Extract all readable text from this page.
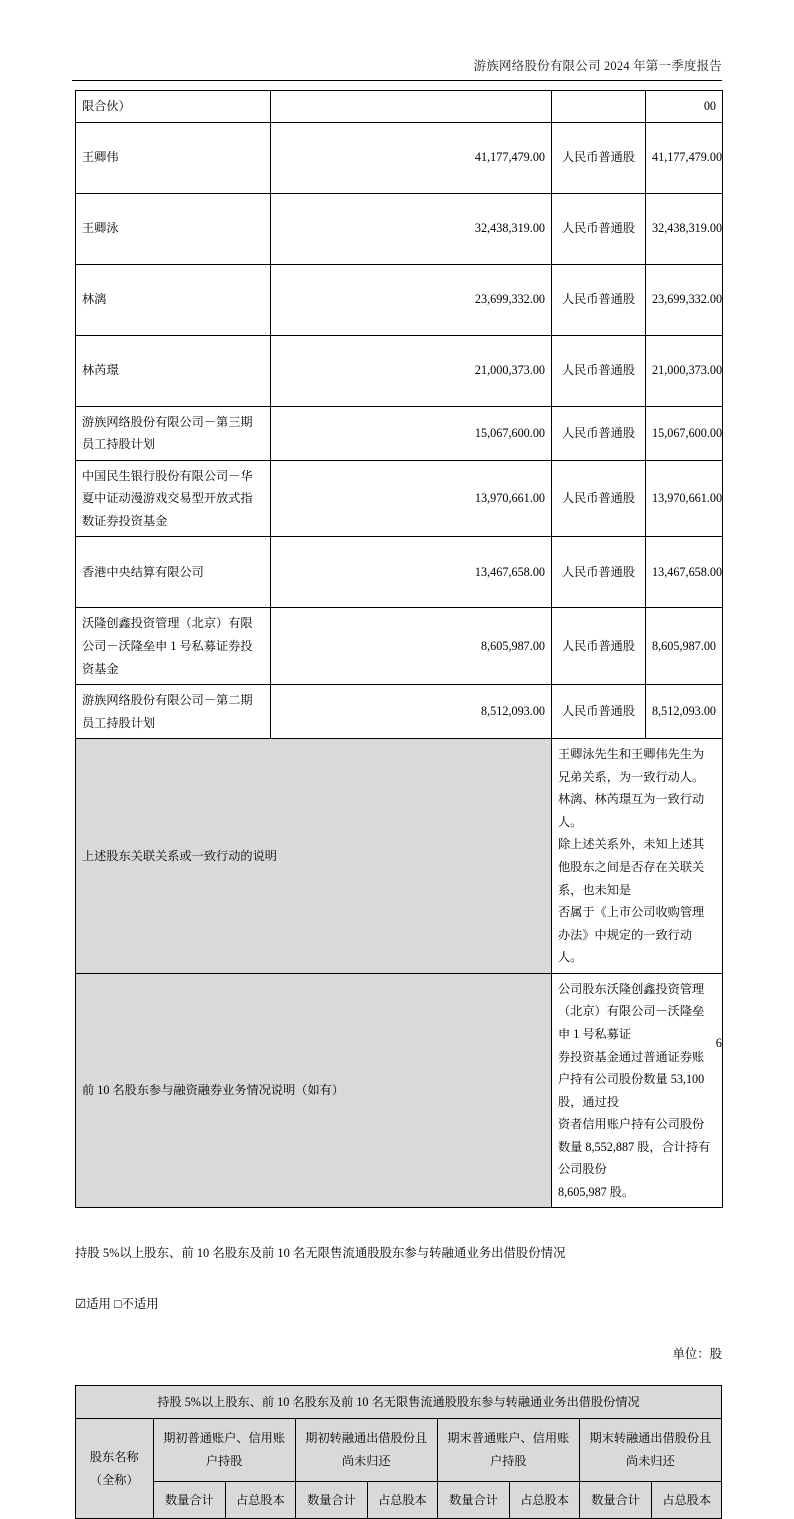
游族网络股份有限公司 2024 年第一季度报告
限合伙）			00
王卿伟	41,177,479.00	人民币普通股	41,177,479.00
王卿泳	32,438,319.00	人民币普通股	32,438,319.00
林漓	23,699,332.00	人民币普通股	23,699,332.00
林芮璟	21,000,373.00	人民币普通股	21,000,373.00
游族网络股份有限公司－第三期员工持股计划	15,067,600.00	人民币普通股	15,067,600.00
中国民生银行股份有限公司－华夏中证动漫游戏交易型开放式指数证券投资基金	13,970,661.00	人民币普通股	13,970,661.00
香港中央结算有限公司	13,467,658.00	人民币普通股	13,467,658.00
沃隆创鑫投资管理（北京）有限公司－沃隆垒申 1 号私募证券投资基金	8,605,987.00	人民币普通股	8,605,987.00
游族网络股份有限公司－第二期员工持股计划	8,512,093.00	人民币普通股	8,512,093.00
上述股东关联关系或一致行动的说明		王卿泳先生和王卿伟先生为兄弟关系，为一致行动人。

林漓、林芮璟互为一致行动人。

除上述关系外，未知上述其他股东之间是否存在关联关系，也未知是

否属于《上市公司收购管理办法》中规定的一致行动人。	

前 10 名股东参与融资融券业务情况说明（如有）		公司股东沃隆创鑫投资管理（北京）有限公司－沃隆垒申 1 号私募证

券投资基金通过普通证券账户持有公司股份数量 53,100 股，通过投

资者信用账户持有公司股份数量 8,552,887 股，合计持有公司股份

8,605,987 股。	

持股 5%以上股东、前 10 名股东及前 10 名无限售流通股股东参与转融通业务出借股份情况

☑适用 □不适用

单位：股

持股 5%以上股东、前 10 名股东及前 10 名无限售流通股股东参与转融通业务出借股份情况								

股东名称
（全称）

期初普通账户、信用账
户持股

期初转融通出借股份且
尚未归还

期末普通账户、信用账
户持股

期末转融通出借股份且
尚未归还

	数量合计	占总股本	数量合计	占总股本	数量合计	占总股本	数量合计	占总股本
6
